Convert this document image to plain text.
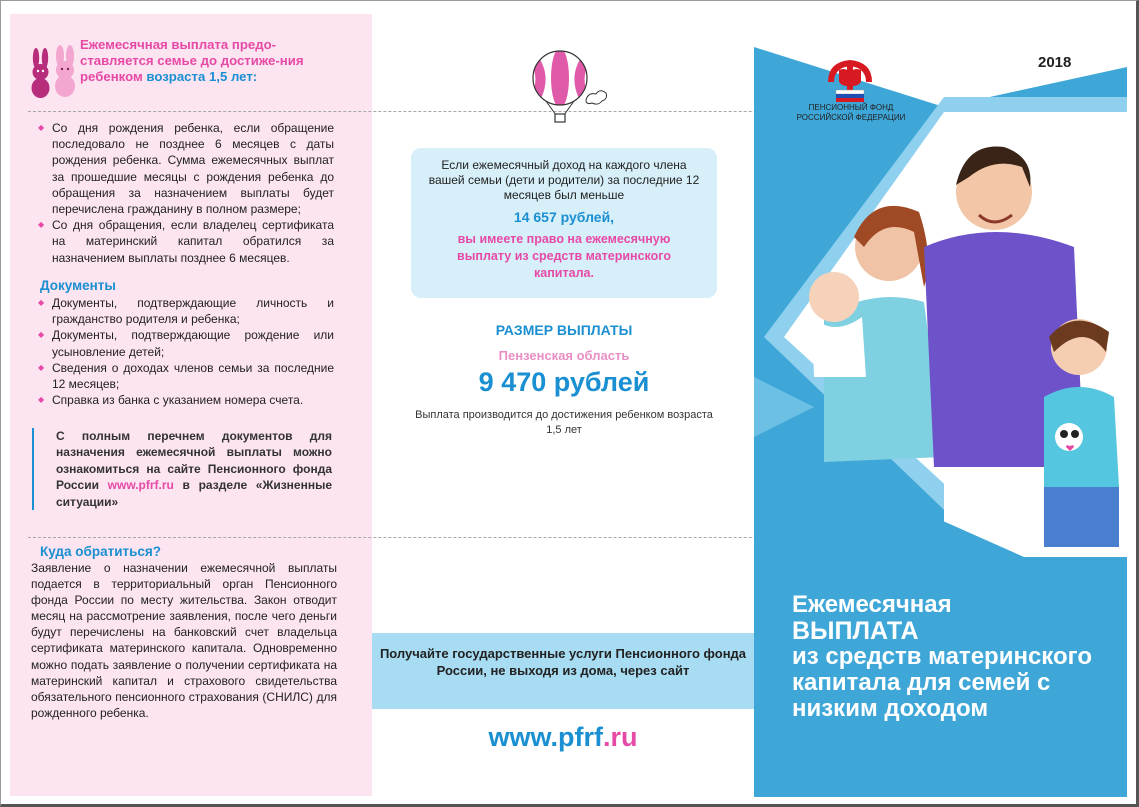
Ежемесячная выплата предо-ставляется семье до достиже-ния ребенком возраста 1,5 лет:

◆ Со дня рождения ребенка, если обращение последовало не позднее 6 месяцев с даты рождения ребенка. Сумма ежемесячных выплат за прошедшие месяцы с рождения ребенка до обращения за назначением выплаты будет перечислена гражданину в полном размере;

◆ Со дня обращения, если владелец сертификата на материнский капитал обратился за назначением выплаты позднее 6 месяцев.

Документы

◆ Документы, подтверждающие личность и гражданство родителя и ребенка;

◆ Документы, подтверждающие рождение или усыновление детей;

◆ Сведения о доходах членов семьи за последние 12 месяцев;

◆ Справка из банка с указанием номера счета.

С полным перечнем документов для назначения ежемесячной выплаты можно ознакомиться на сайте Пенсионного фонда России www.pfrf.ru в разделе «Жизненные ситуации»
Куда обратиться?
Заявление о назначении ежемесячной выплаты подается в территориальный орган Пенсионного фонда России по месту жительства. Закон отводит месяц на рассмотрение заявления, после чего деньги будут перечислены на банковский счет владельца сертификата материнского капитала. Одновременно можно подать заявление о получении сертификата на материнский капитал и страхового свидетельства обязательного пенсионного страхования (СНИЛС) для рожденного ребенка.
Если ежемесячный доход на каждого члена вашей семьи (дети и родители) за последние 12 месяцев был меньше
14 657 рублей,
вы имеете право на ежемесячную выплату из средств материнского капитала.
РАЗМЕР ВЫПЛАТЫ
Пензенская область
9 470 рублей
Выплата производится до достижения ребенком возраста 1,5 лет
Получайте государственные услуги Пенсионного фонда России, не выходя из дома, через сайт
www.pfrf.ru
ПЕНСИОННЫЙ ФОНД РОССИЙСКОЙ ФЕДЕРАЦИИ
2018
Ежемесячная
ВЫПЛАТА
из средств материнского капитала для семей с низким доходом
